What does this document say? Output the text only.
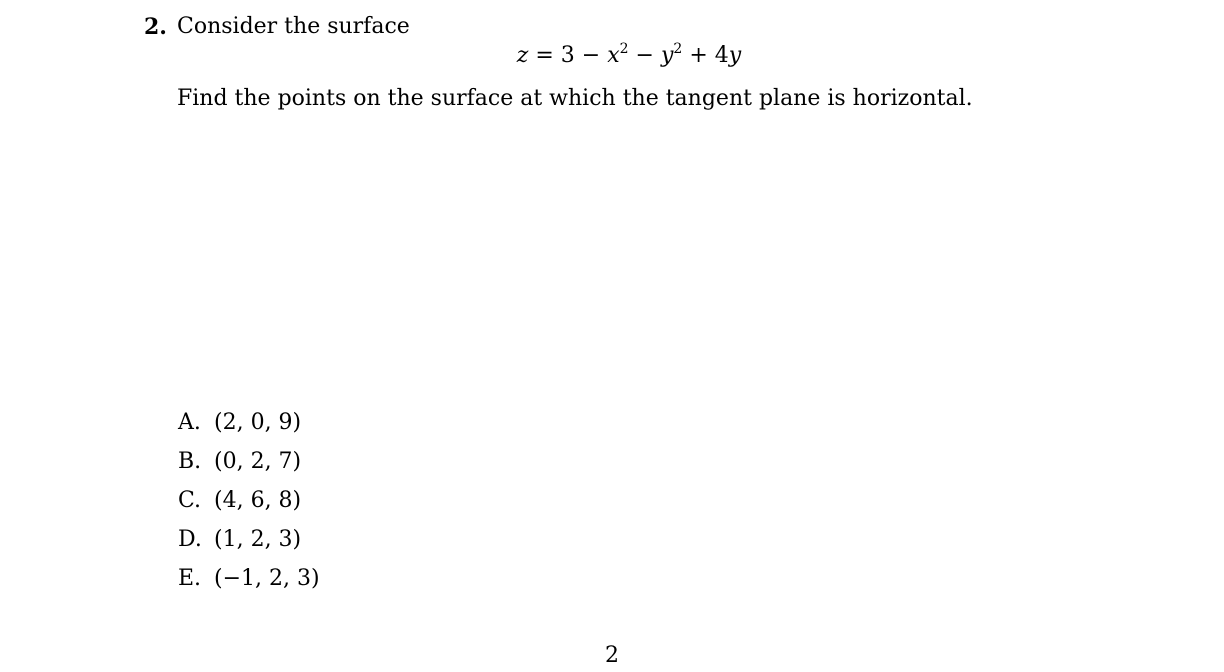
2. Consider the surface
$z = 3 - x^2 - y^2 + 4y$
Find the points on the surface at which the tangent plane is horizontal.
A. (2, 0, 9)
B. (0, 2, 7)
C. (4, 6, 8)
D. (1, 2, 3)
E. (−1, 2, 3)
2
